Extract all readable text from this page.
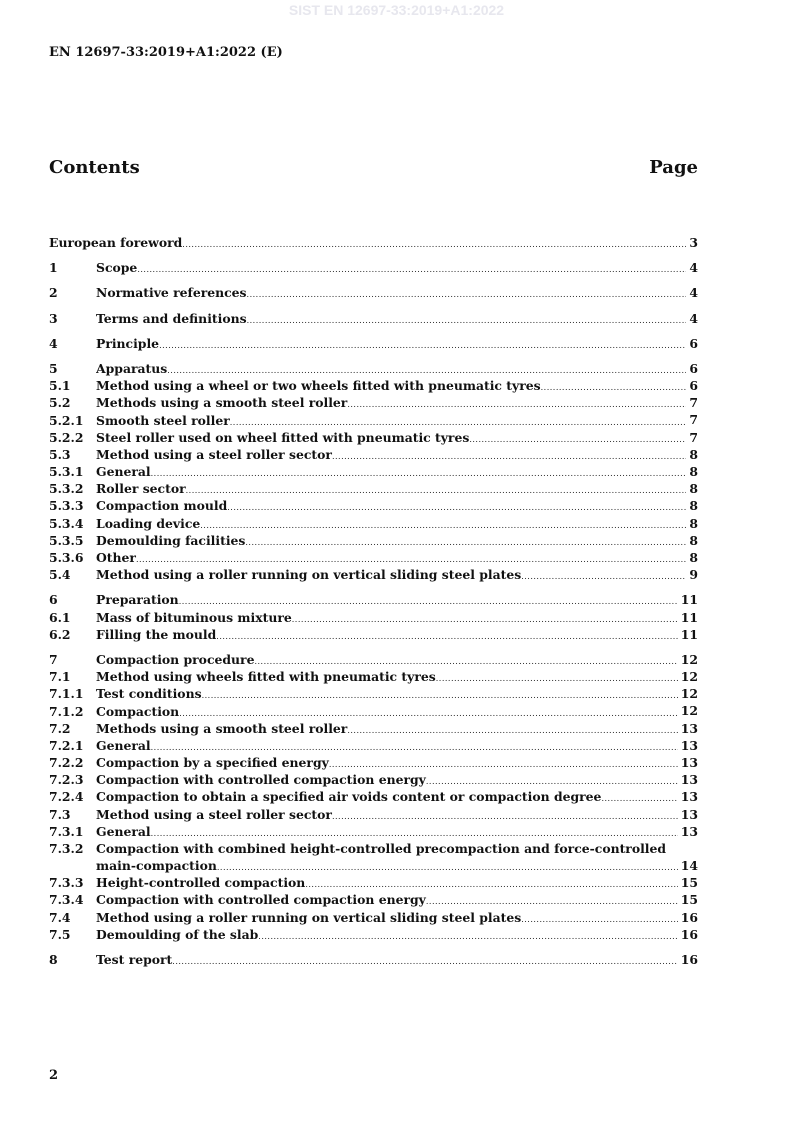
SIST EN 12697-33:2019+A1:2022
EN 12697-33:2019+A1:2022 (E)
Contents	Page
European foreword .....	3
1	Scope .....	4
2	Normative references .....	4
3	Terms and definitions .....	4
4	Principle .....	6
5	Apparatus .....	6
5.1 Method using a wheel or two wheels fitted with pneumatic tyres .....	6
5.2 Methods using a smooth steel roller .....	7
5.2.1 Smooth steel roller .....	7
5.2.2 Steel roller used on wheel fitted with pneumatic tyres .....	7
5.3 Method using a steel roller sector .....	8
5.3.1 General .....	8
5.3.2 Roller sector .....	8
5.3.3 Compaction mould .....	8
5.3.4 Loading device .....	8
5.3.5 Demoulding facilities .....	8
5.3.6 Other .....	8
5.4 Method using a roller running on vertical sliding steel plates .....	9
6	Preparation .....	11
6.1 Mass of bituminous mixture .....	11
6.2 Filling the mould .....	11
7	Compaction procedure .....	12
7.1 Method using wheels fitted with pneumatic tyres .....	12
7.1.1 Test conditions .....	12
7.1.2 Compaction .....	12
7.2 Methods using a smooth steel roller .....	13
7.2.1 General .....	13
7.2.2 Compaction by a specified energy .....	13
7.2.3 Compaction with controlled compaction energy .....	13
7.2.4 Compaction to obtain a specified air voids content or compaction degree .....	13
7.3 Method using a steel roller sector .....	13
7.3.1 General .....	13
7.3.2 Compaction with combined height-controlled precompaction and force-controlled
main-compaction .....	14
7.3.3 Height-controlled compaction .....	15
7.3.4 Compaction with controlled compaction energy .....	15
7.4 Method using a roller running on vertical sliding steel plates .....	16
7.5 Demoulding of the slab .....	16
8	Test report .....	16
2
